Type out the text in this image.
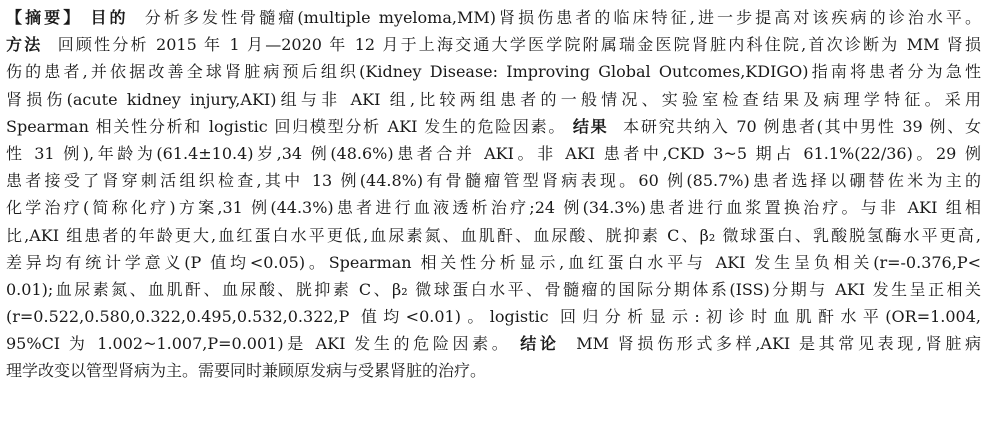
【摘要】 目的 分析多发性骨髓瘤(multiple myeloma,MM)肾损伤患者的临床特征,进一步提高对该疾病的诊治水平。
方法 回顾性分析 2015 年 1 月—2020 年 12 月于上海交通大学医学院附属瑞金医院肾脏内科住院,首次诊断为 MM 肾损
伤的患者,并依据改善全球肾脏病预后组织(Kidney Disease: Improving Global Outcomes,KDIGO)指南将患者分为急性
肾损伤(acute kidney injury,AKI)组与非 AKI 组,比较两组患者的一般情况、实验室检查结果及病理学特征。采用
Spearman 相关性分析和 logistic 回归模型分析 AKI 发生的危险因素。 结果 本研究共纳入 70 例患者(其中男性 39 例、女
性 31 例),年龄为(61.4±10.4)岁,34 例(48.6%)患者合并 AKI。非 AKI 患者中,CKD 3~5 期占 61.1%(22/36)。29 例
患者接受了肾穿刺活组织检查,其中 13 例(44.8%)有骨髓瘤管型肾病表现。60 例(85.7%)患者选择以硼替佐米为主的
化学治疗(简称化疗)方案,31 例(44.3%)患者进行血液透析治疗;24 例(34.3%)患者进行血浆置换治疗。与非 AKI 组相
比,AKI 组患者的年龄更大,血红蛋白水平更低,血尿素氮、血肌酐、血尿酸、胱抑素 C、β₂ 微球蛋白、乳酸脱氢酶水平更高,
差异均有统计学意义(P 值均<0.05)。Spearman 相关性分析显示,血红蛋白水平与 AKI 发生呈负相关(r=-0.376,P<
0.01);血尿素氮、血肌酐、血尿酸、胱抑素 C、β₂ 微球蛋白水平、骨髓瘤的国际分期体系(ISS)分期与 AKI 发生呈正相关
(r=0.522,0.580,0.322,0.495,0.532,0.322,P 值均<0.01)。logistic 回归分析显示:初诊时血肌酐水平(OR=1.004,
95%CI 为 1.002~1.007,P=0.001)是 AKI 发生的危险因素。 结论 MM 肾损伤形式多样,AKI 是其常见表现,肾脏病
理学改变以管型肾病为主。需要同时兼顾原发病与受累肾脏的治疗。
